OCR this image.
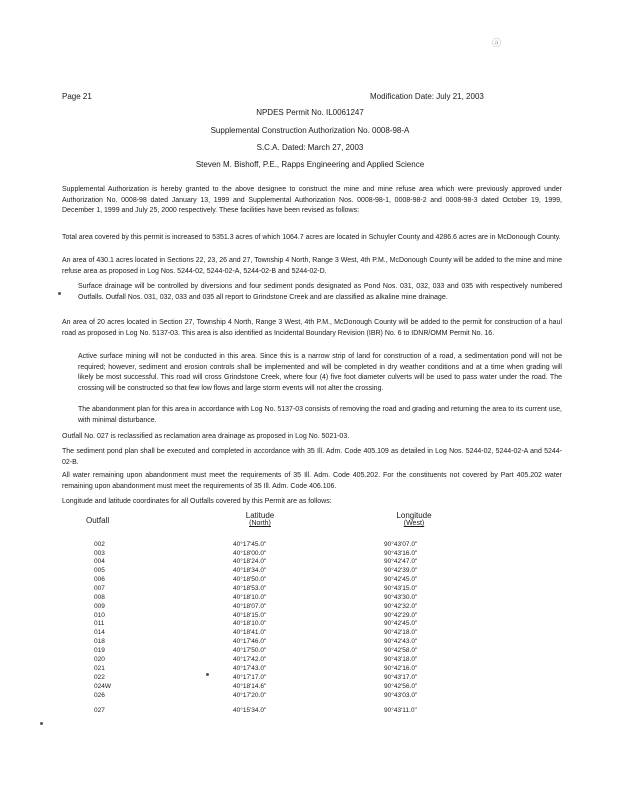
ⓐ
Page 21	Modification Date: July 21, 2003
NPDES Permit No. IL0061247
Supplemental Construction Authorization No. 0008-98-A
S.C.A. Dated: March 27, 2003
Steven M. Bishoff, P.E., Rapps Engineering and Applied Science
Supplemental Authorization is hereby granted to the above designee to construct the mine and mine refuse area which were previously approved under Authorization No. 0008-98 dated January 13, 1999 and Supplemental Authorization Nos. 0008-98-1, 0008-98-2 and 0008-98-3 dated October 19, 1999, December 1, 1999 and July 25, 2000 respectively. These facilities have been revised as follows:
Total area covered by this permit is increased to 5351.3 acres of which 1064.7 acres are located in Schuyler County and 4286.6 acres are in McDonough County.
An area of 430.1 acres located in Sections 22, 23, 26 and 27, Township 4 North, Range 3 West, 4th P.M., McDonough County will be added to the mine and mine refuse area as proposed in Log Nos. 5244-02, 5244-02-A, 5244-02-B and 5244-02-D.
Surface drainage will be controlled by diversions and four sediment ponds designated as Pond Nos. 031, 032, 033 and 035 with respectively numbered Outfalls. Outfall Nos. 031, 032, 033 and 035 all report to Grindstone Creek and are classified as alkaline mine drainage.
An area of 20 acres located in Section 27, Township 4 North, Range 3 West, 4th P.M., McDonough County will be added to the permit for construction of a haul road as proposed in Log No. 5137-03. This area is also identified as Incidental Boundary Revision (IBR) No. 6 to IDNR/OMM Permit No. 16.
Active surface mining will not be conducted in this area. Since this is a narrow strip of land for construction of a road, a sedimentation pond will not be required; however, sediment and erosion controls shall be implemented and will be completed in dry weather conditions and at a time when grading will likely be most successful. This road will cross Grindstone Creek, where four (4) five foot diameter culverts will be used to pass water under the road. The crossing will be constructed so that few low flows and large storm events will not alter the crossing.
The abandonment plan for this area in accordance with Log No. 5137-03 consists of removing the road and grading and returning the area to its current use, with minimal disturbance.
Outfall No. 027 is reclassified as reclamation area drainage as proposed in Log No. 5021-03.
The sediment pond plan shall be executed and completed in accordance with 35 Ill. Adm. Code 405.109 as detailed in Log Nos. 5244-02, 5244-02-A and 5244-02-B.
All water remaining upon abandonment must meet the requirements of 35 Ill. Adm. Code 405.202. For the constituents not covered by Part 405.202 water remaining upon abandonment must meet the requirements of 35 Ill. Adm. Code 406.106.
Longitude and latitude coordinates for all Outfalls covered by this Permit are as follows:
Outfall
Latitude
(North)
Longitude
(West)
002	40°17'45.0"	90°43'07.0"
003	40°18'00.0"	90°43'16.0"
004	40°18'24.0"	90°42'47.0"
005	40°18'34.0"	90°42'39.0"
006	40°18'50.0"	90°42'45.0"
007	40°18'53.0"	90°43'15.0"
008	40°18'10.0"	90°43'30.0"
009	40°18'07.0"	90°42'32.0"
010	40°18'15.0"	90°42'29.0"
011	40°18'10.0"	90°42'45.0"
014	40°18'41.0"	90°42'18.0"
018	40°17'46.0"	90°42'43.0"
019	40°17'50.0"	90°42'58.0"
020	40°17'42.0"	90°43'18.0"
021	40°17'43.0"	90°42'16.0"
022	40°17'17.0"	90°43'17.0"
024W	40°18'14.6"	90°42'56.0"
026	40°17'20.0"	90°43'03.0"
027	40°15'34.0"	90°43'11.0"
